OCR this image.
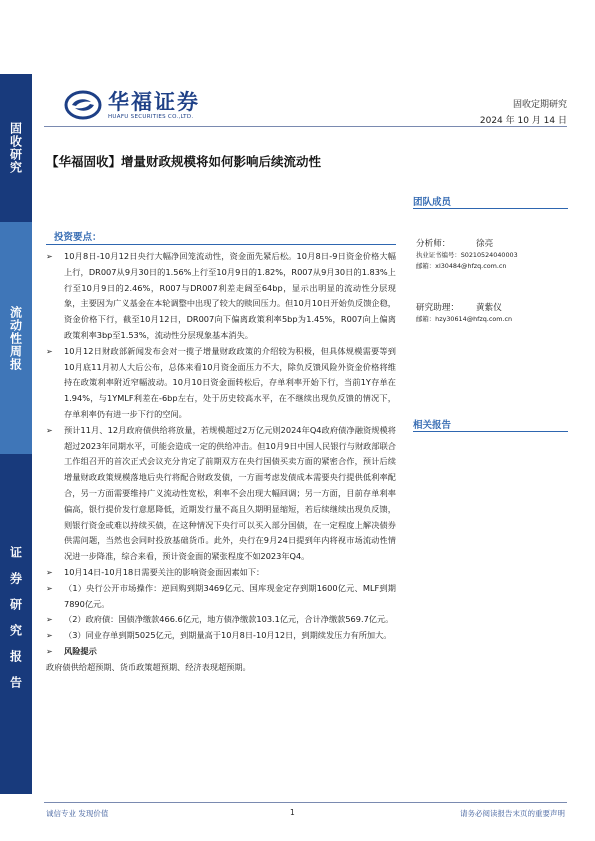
固收研究
流动性周报
证券研究报告
华福证券
HUAFU SECURITIES CO.,LTD.
固收定期研究
2024 年 10 月 14 日
【华福固收】增量财政规模将如何影响后续流动性
投资要点：
➢	10月8日-10月12日央行大幅净回笼流动性，资金面先紧后松。10月8日-9日资金价格大幅上行，DR007从9月30日的1.56%上行至10月9日的1.82%，R007从9月30日的1.83%上行至10月9日的2.46%，R007与DR007利差走阔至64bp，显示出明显的流动性分层现象，主要因为广义基金在本轮调整中出现了较大的赎回压力。但10月10日开始负反馈企稳，资金价格下行，截至10月12日，DR007向下偏离政策利率5bp为1.45%，R007向上偏离政策利率3bp至1.53%，流动性分层现象基本消失。
➢	10月12日财政部新闻发布会对一揽子增量财政政策的介绍较为积极，但具体规模需要等到10月底11月初人大后公布，总体来看10月资金面压力不大，除负反馈风险外资金价格将维持在政策利率附近窄幅波动。10月10日资金面转松后，存单利率开始下行，当前1Y存单在1.94%，与1YMLF利差在-6bp左右，处于历史较高水平，在不继续出现负反馈的情况下，存单利率仍有进一步下行的空间。
➢	预计11月、12月政府债供给将放量，若规模超过2万亿元则2024年Q4政府债净融资规模将超过2023年同期水平，可能会造成一定的供给冲击。但10月9日中国人民银行与财政部联合工作组召开的首次正式会议充分肯定了前期双方在央行国债买卖方面的紧密合作，预计后续增量财政政策规模落地后央行将配合财政发债，一方面考虑发债成本需要央行提供低利率配合，另一方面需要维持广义流动性宽松，利率不会出现大幅回调；另一方面，目前存单利率偏高，银行提价发行意愿降低，近期发行量不高且久期明显缩短，若后续继续出现负反馈，则银行资金或难以持续买债，在这种情况下央行可以买入部分国债，在一定程度上解决债券供需问题，当然也会同时投放基础货币。此外，央行在9月24日提到年内将视市场流动性情况进一步降准，综合来看，预计资金面的紧张程度不如2023年Q4。
➢	10月14日-10月18日需要关注的影响资金面因素如下：
➢	（1）央行公开市场操作：逆回购到期3469亿元、国库现金定存到期1600亿元、MLF到期7890亿元。
➢	（2）政府债：国债净缴款466.6亿元，地方债净缴款103.1亿元，合计净缴款569.7亿元。
➢	（3）同业存单到期5025亿元，到期量高于10月8日-10月12日，到期续发压力有所加大。
➢	风险提示
政府债供给超预期、货币政策超预期、经济表现超预期。
团队成员
分析师：	徐亮
执业证书编号：S0210524040003
邮箱：xl30484@hfzq.com.cn
研究助理：	黄紫仪
邮箱：hzy30614@hfzq.com.cn
相关报告
诚信专业 发现价值	1	请务必阅读报告末页的重要声明
